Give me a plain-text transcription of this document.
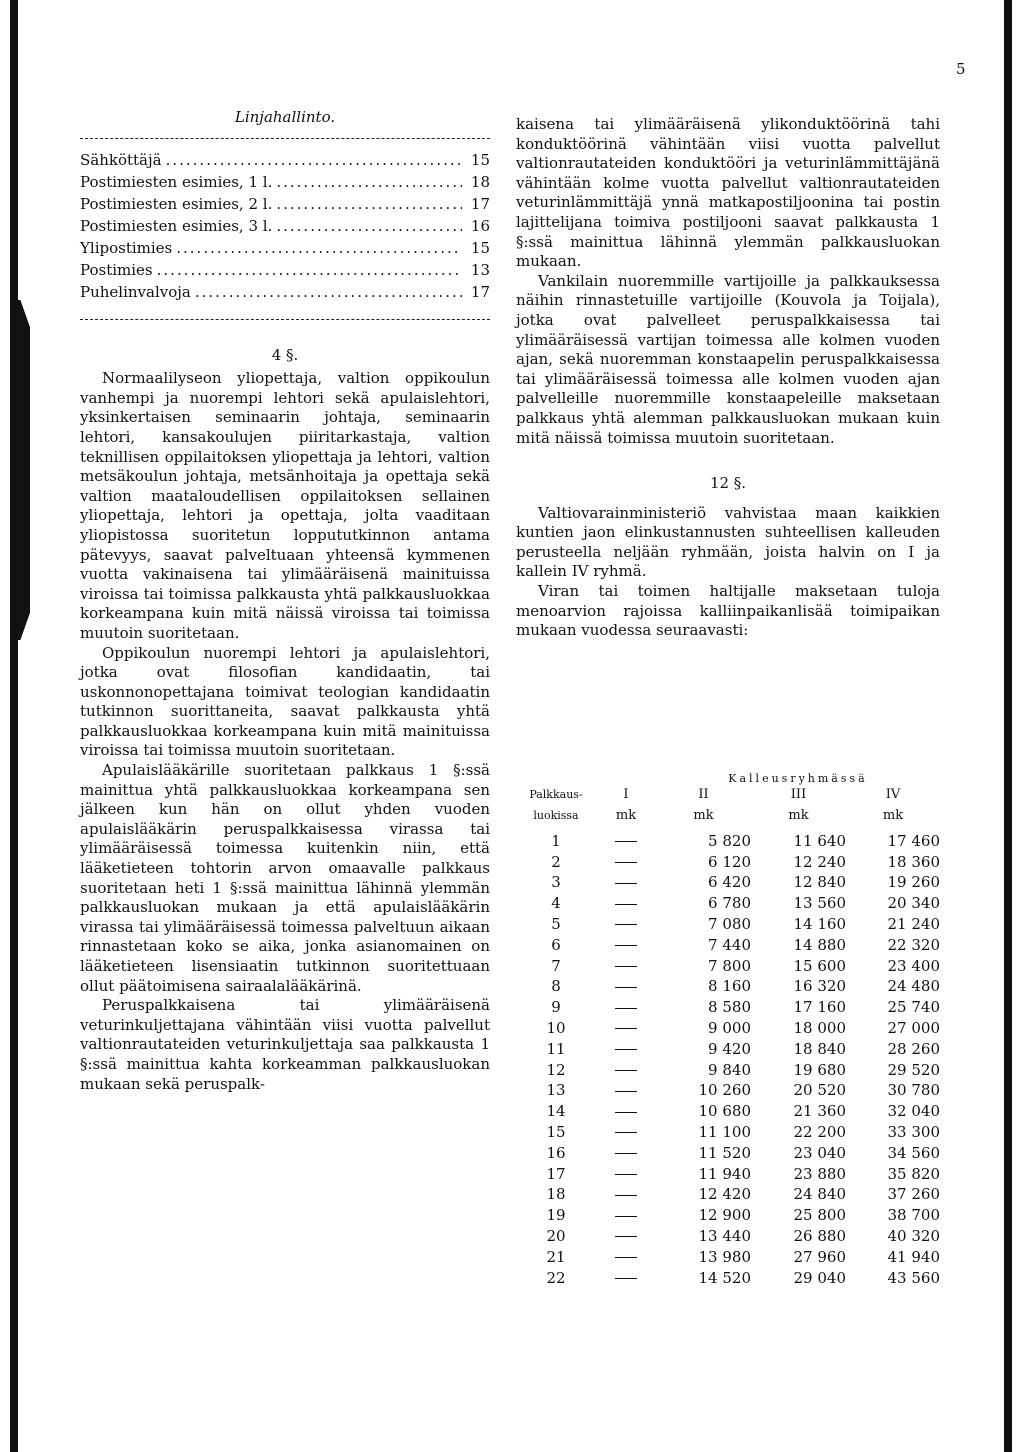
5
Linjahallinto.
Sähköttäjä .....	15
Postimiesten esimies, 1 l. .....	18
Postimiesten esimies, 2 l. .....	17
Postimiesten esimies, 3 l. .....	16
Ylipostimies .....	15
Postimies .....	13
Puhelinvalvoja .....	17
4 §.

Normaalilyseon yliopettaja, valtion oppikoulun vanhempi ja nuorempi lehtori sekä apulaislehtori, yksinkertaisen seminaarin johtaja, seminaarin lehtori, kansakoulujen piiritarkastaja, valtion teknillisen oppilaitoksen yliopettaja ja lehtori, valtion metsäkoulun johtaja, metsänhoitaja ja opettaja sekä valtion maataloudellisen oppilaitoksen sellainen yliopettaja, lehtori ja opettaja, jolta vaaditaan yliopistossa suoritetun loppututkinnon antama pätevyys, saavat palveltuaan yhteensä kymmenen vuotta vakinaisena tai ylimääräisenä mainituissa viroissa tai toimissa palkkausta yhtä palkkausluokkaa korkeampana kuin mitä näissä viroissa tai toimissa muutoin suoritetaan.

Oppikoulun nuorempi lehtori ja apulaislehtori, jotka ovat filosofian kandidaatin, tai uskonnonopettajana toimivat teologian kandidaatin tutkinnon suorittaneita, saavat palkkausta yhtä palkkausluokkaa korkeampana kuin mitä mainituissa viroissa tai toimissa muutoin suoritetaan.

Apulaislääkärille suoritetaan palkkaus 1 §:ssä mainittua yhtä palkkausluokkaa korkeampana sen jälkeen kun hän on ollut yhden vuoden apulaislääkärin peruspalkkaisessa virassa tai ylimääräisessä toimessa kuitenkin niin, että lääketieteen tohtorin arvon omaavalle palkkaus suoritetaan heti 1 §:ssä mainittua lähinnä ylemmän palkkausluokan mukaan ja että apulaislääkärin virassa tai ylimääräisessä toimessa palveltuun aikaan rinnastetaan koko se aika, jonka asianomainen on lääketieteen lisensiaatin tutkinnon suoritettuaan ollut päätoimisena sairaalalääkärinä.

Peruspalkkaisena tai ylimääräisenä veturinkuljettajana vähintään viisi vuotta palvellut valtionrautateiden veturinkuljettaja saa palkkausta 1 §:ssä mainittua kahta korkeamman palkkausluokan mukaan sekä peruspalk-

kaisena tai ylimääräisenä ylikonduktöörinä tahi konduktöörinä vähintään viisi vuotta palvellut valtionrautateiden konduktööri ja veturinlämmittäjänä vähintään kolme vuotta palvellut valtionrautateiden veturinlämmittäjä ynnä matkapostiljoonina tai postin lajittelijana toimiva postiljooni saavat palkkausta 1 §:ssä mainittua lähinnä ylemmän palkkausluokan mukaan.

Vankilain nuoremmille vartijoille ja palkkauksessa näihin rinnastetuille vartijoille (Kouvola ja Toijala), jotka ovat palvelleet peruspalkkaisessa tai ylimääräisessä vartijan toimessa alle kolmen vuoden ajan, sekä nuoremman konstaapelin peruspalkkaisessa tai ylimääräisessä toimessa alle kolmen vuoden ajan palvelleille nuoremmille konstaapeleille maksetaan palkkaus yhtä alemman palkkausluokan mukaan kuin mitä näissä toimissa muutoin suoritetaan.

12 §.

Valtiovarainministeriö vahvistaa maan kaikkien kuntien jaon elinkustannusten suhteellisen kalleuden perusteella neljään ryhmään, joista halvin on I ja kallein IV ryhmä.

Viran tai toimen haltijalle maksetaan tuloja menoarvion rajoissa kalliinpaikanlisää toimipaikan mukaan vuodessa seuraavasti:

		Kalleusryhmässä		
Palkkaus-	I	II	III	IV
luokissa	mk	mk	mk	mk
1		5 820	11 640	17 460
2		6 120	12 240	18 360
3		6 420	12 840	19 260
4		6 780	13 560	20 340
5		7 080	14 160	21 240
6		7 440	14 880	22 320
7		7 800	15 600	23 400
8		8 160	16 320	24 480
9		8 580	17 160	25 740
10		9 000	18 000	27 000
11		9 420	18 840	28 260
12		9 840	19 680	29 520
13		10 260	20 520	30 780
14		10 680	21 360	32 040
15		11 100	22 200	33 300
16		11 520	23 040	34 560
17		11 940	23 880	35 820
18		12 420	24 840	37 260
19		12 900	25 800	38 700
20		13 440	26 880	40 320
21		13 980	27 960	41 940
22		14 520	29 040	43 560
